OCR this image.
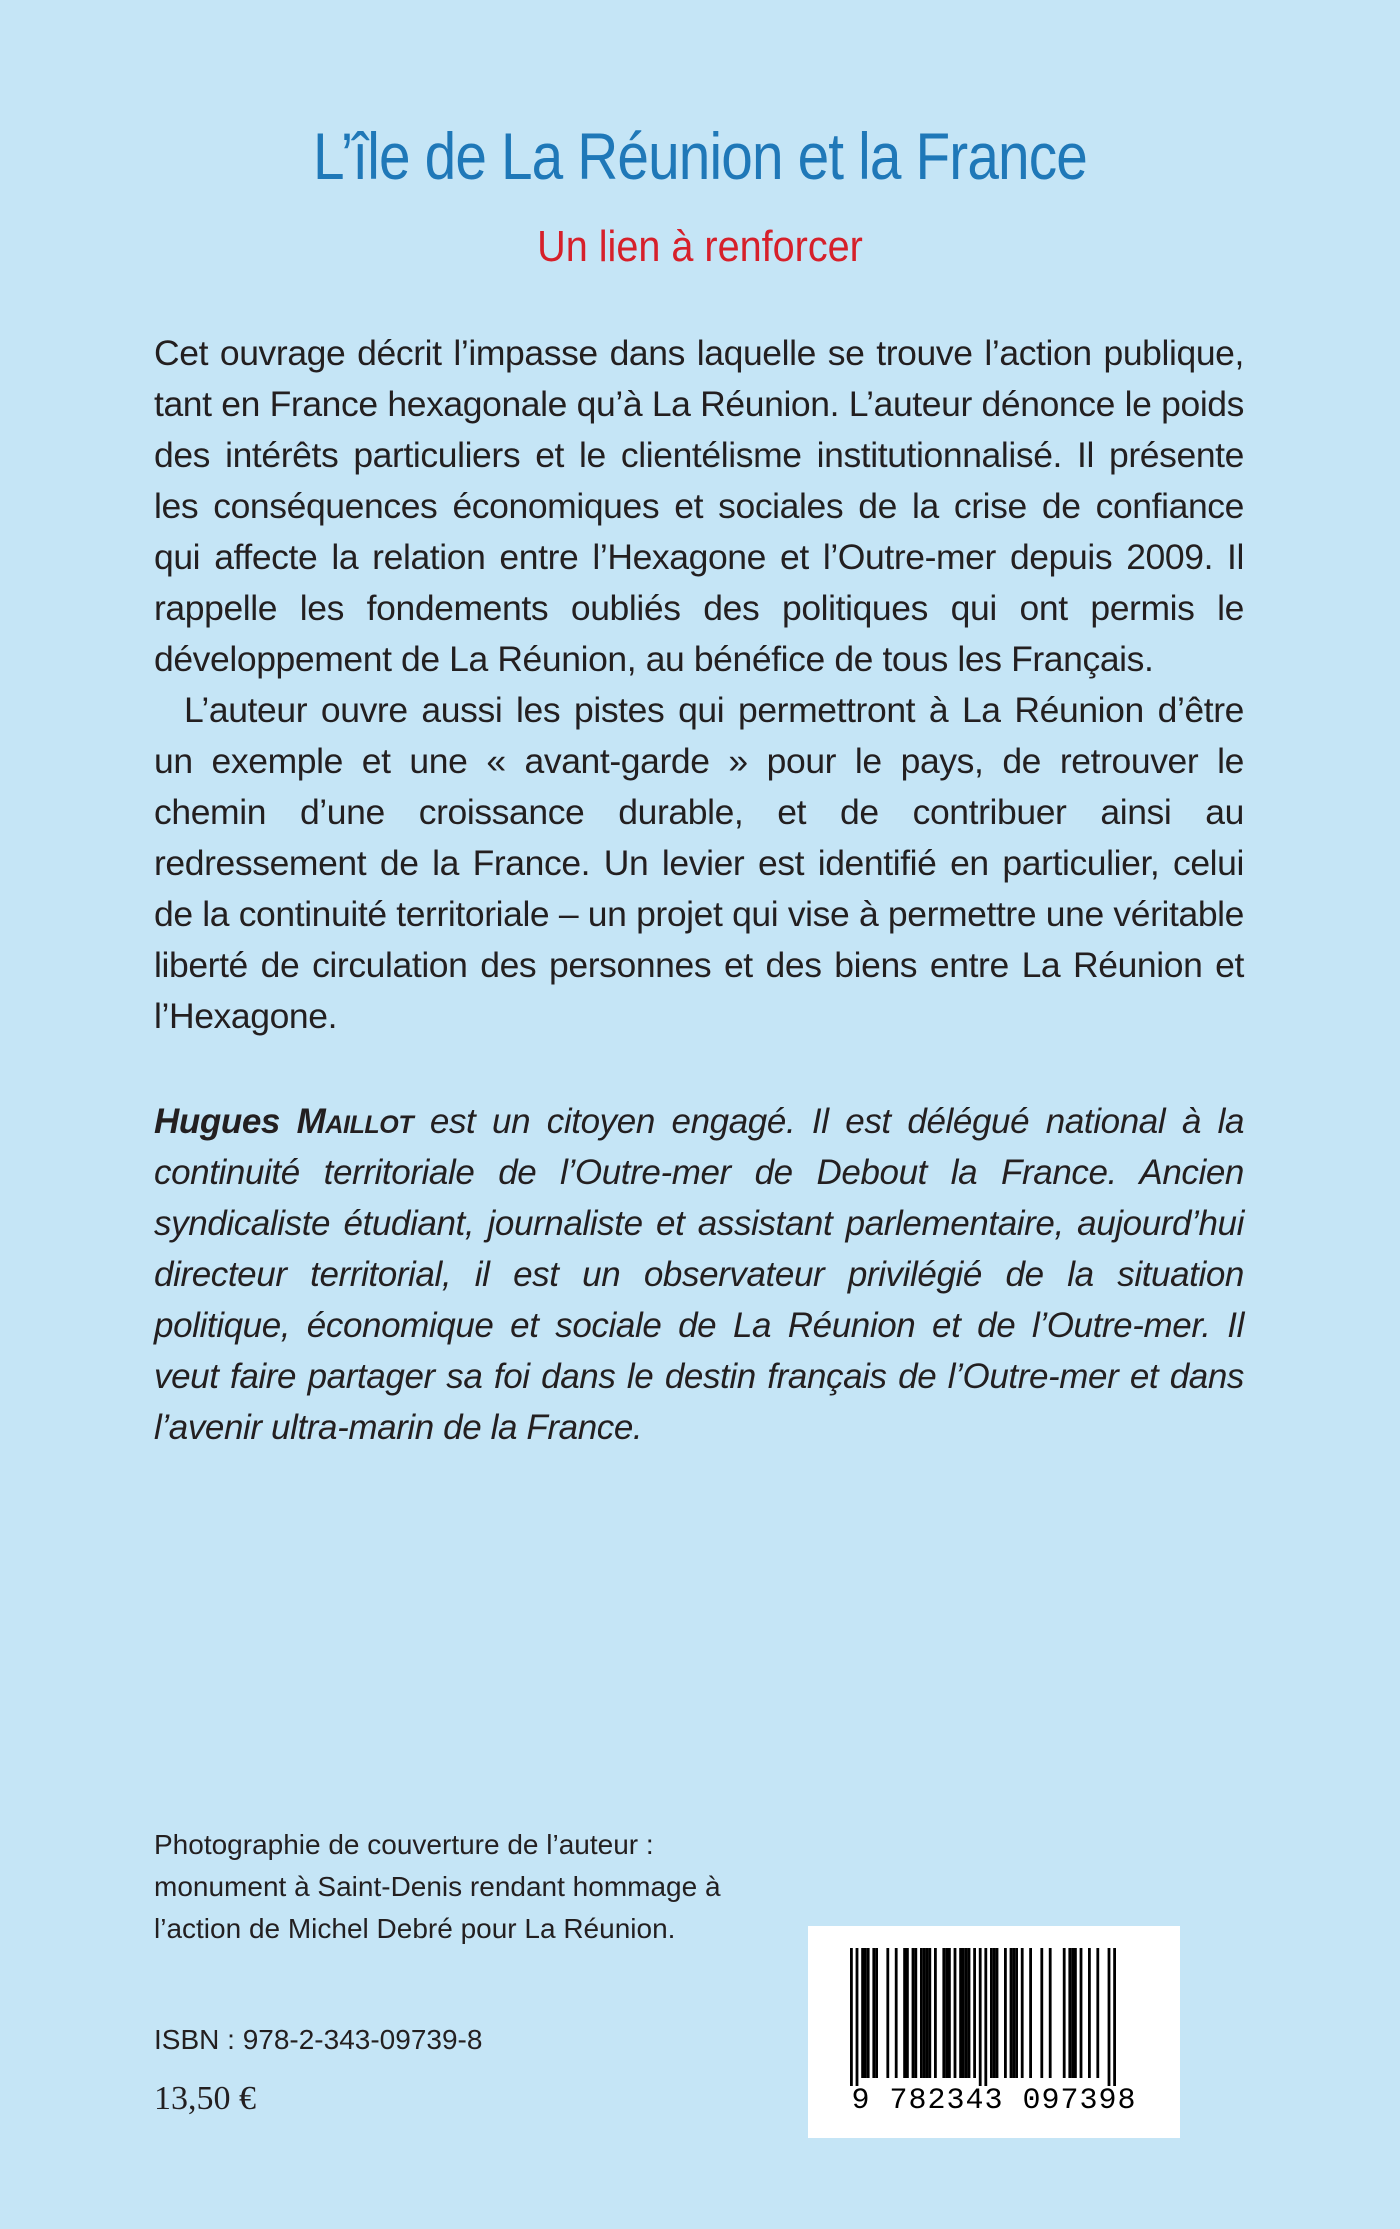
L’île de La Réunion et la France
Un lien à renforcer

Cet ouvrage décrit l’impasse dans laquelle se trouve l’action publique, tant en France hexagonale qu’à La Réunion. L’auteur dénonce le poids des intérêts particuliers et le clientélisme institutionnalisé. Il présente les conséquences économiques et sociales de la crise de confiance qui affecte la relation entre l’Hexagone et l’Outre-mer depuis 2009. Il rappelle les fondements oubliés des politiques qui ont permis le développement de La Réunion, au bénéfice de tous les Français.

L’auteur ouvre aussi les pistes qui permettront à La Réunion d’être un exemple et une « avant-garde » pour le pays, de retrouver le chemin d’une croissance durable, et de contribuer ainsi au redressement de la France. Un levier est identifié en particulier, celui de la continuité territoriale – un projet qui vise à permettre une véritable liberté de circulation des personnes et des biens entre La Réunion et l’Hexagone.

Hugues Maillot est un citoyen engagé. Il est délégué national à la continuité territoriale de l’Outre-mer de Debout la France. Ancien syndicaliste étudiant, journaliste et assistant parlementaire, aujourd’hui directeur territorial, il est un observateur privilégié de la situation politique, économique et sociale de La Réunion et de l’Outre-mer. Il veut faire partager sa foi dans le destin français de l’Outre-mer et dans l’avenir ultra-marin de la France.
Photographie de couverture de l’auteur :
monument à Saint-Denis rendant hommage à
l’action de Michel Debré pour La Réunion.
ISBN : 978-2-343-09739-8
13,50 €	9 782343 097398
